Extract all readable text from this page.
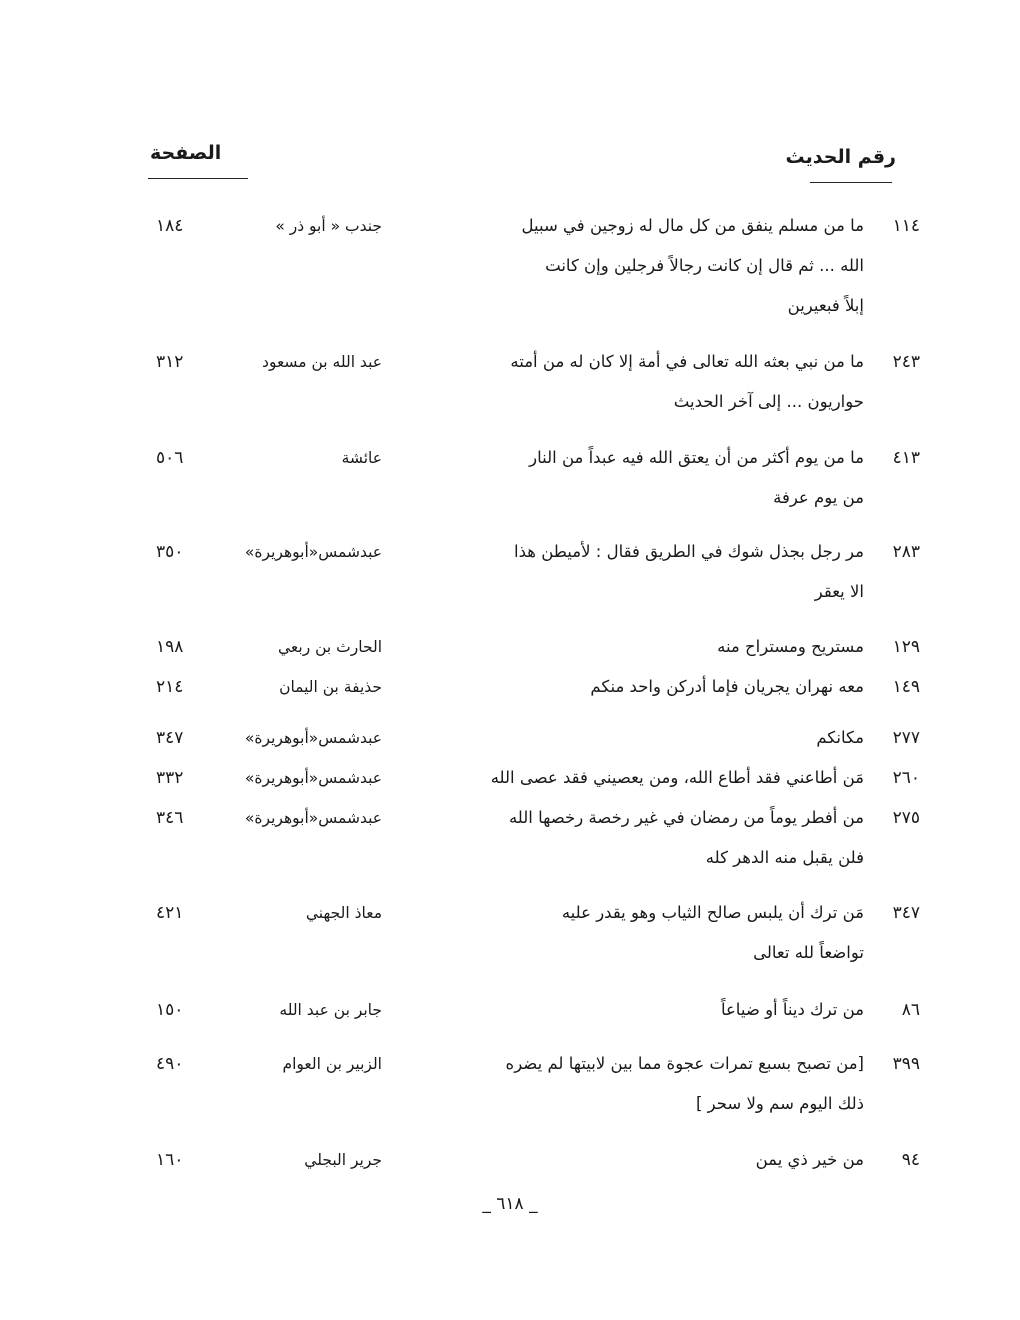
رقم الحديث
الصفحة
١١٤
ما من مسلم ينفق من كل مال له زوجين في سبيل
الله ... ثم قال إن كانت رجالاً فرجلين وإن كانت
إبلاً فبعيرين
جندب « أبو ذر »
١٨٤
٢٤٣
ما من نبي بعثه الله تعالى في أمة إلا كان له من أمته
حواريون ... إلى آخر الحديث
عبد الله بن مسعود
٣١٢
٤١٣
ما من يوم أكثر من أن يعتق الله فيه عبداً من النار
من يوم عرفة
عائشة
٥٠٦
٢٨٣
مر رجل بجذل شوك في الطريق فقال : لأميطن هذا
الا يعقر
عبدشمس«أبوهريرة»
٣٥٠
١٢٩
مستريح ومستراح منه
الحارث بن ربعي
١٩٨
١٤٩
معه نهران يجريان فإما أدركن واحد منكم
حذيفة بن اليمان
٢١٤
٢٧٧
مكانكم
عبدشمس«أبوهريرة»
٣٤٧
٢٦٠
مَن أطاعني فقد أطاع الله، ومن يعصيني فقد عصى الله
عبدشمس«أبوهريرة»
٣٣٢
٢٧٥
من أفطر يوماً من رمضان في غير رخصة رخصها الله
فلن يقبل منه الدهر كله
عبدشمس«أبوهريرة»
٣٤٦
٣٤٧
مَن ترك أن يلبس صالح الثياب وهو يقدر عليه
تواضعاً لله تعالى
معاذ الجهني
٤٢١
٨٦
من ترك ديناً أو ضياعاً
جابر بن عبد الله
١٥٠
٣٩٩
[من تصبح بسبع تمرات عجوة مما بين لابيتها لم يضره
ذلك اليوم سم ولا سحر ]
الزبير بن العوام
٤٩٠
٩٤
من خير ذي يمن
جرير البجلي
١٦٠
_ ٦١٨ _
